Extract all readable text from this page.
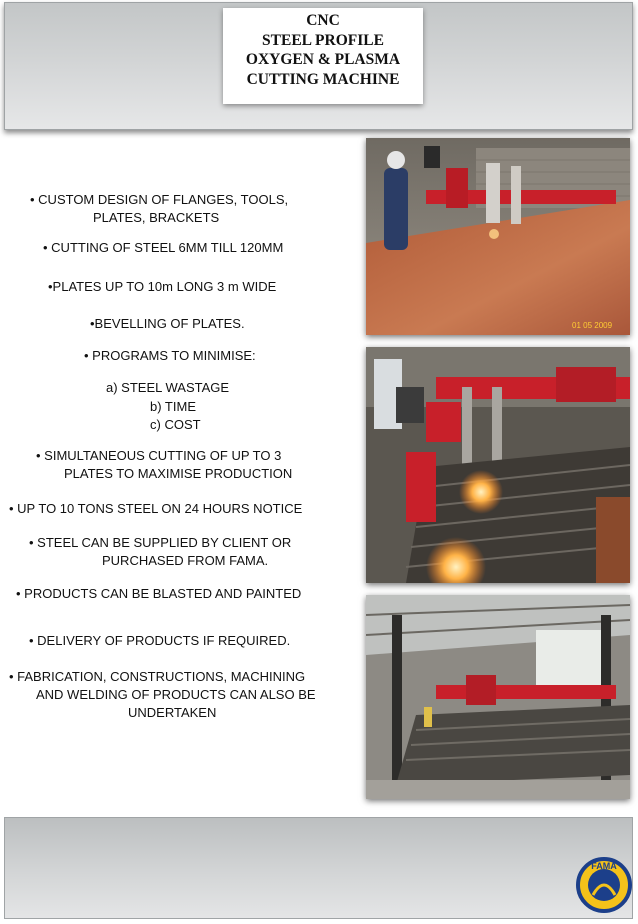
CNC
STEEL PROFILE
OXYGEN & PLASMA
CUTTING MACHINE
• CUSTOM DESIGN OF FLANGES, TOOLS,
PLATES, BRACKETS
• CUTTING OF STEEL 6MM TILL 120MM
•PLATES UP TO 10m LONG 3 m WIDE
•BEVELLING OF PLATES.
• PROGRAMS TO MINIMISE:
a) STEEL WASTAGE
b) TIME
c) COST
• SIMULTANEOUS CUTTING OF UP TO 3
PLATES TO MAXIMISE PRODUCTION
• UP TO 10 TONS STEEL ON 24 HOURS NOTICE
• STEEL CAN BE SUPPLIED BY CLIENT OR
PURCHASED FROM FAMA.
• PRODUCTS CAN BE BLASTED AND PAINTED
• DELIVERY OF PRODUCTS IF REQUIRED.
• FABRICATION, CONSTRUCTIONS, MACHINING
AND WELDING OF PRODUCTS CAN ALSO BE
UNDERTAKEN
01 05 2009
FAMA
